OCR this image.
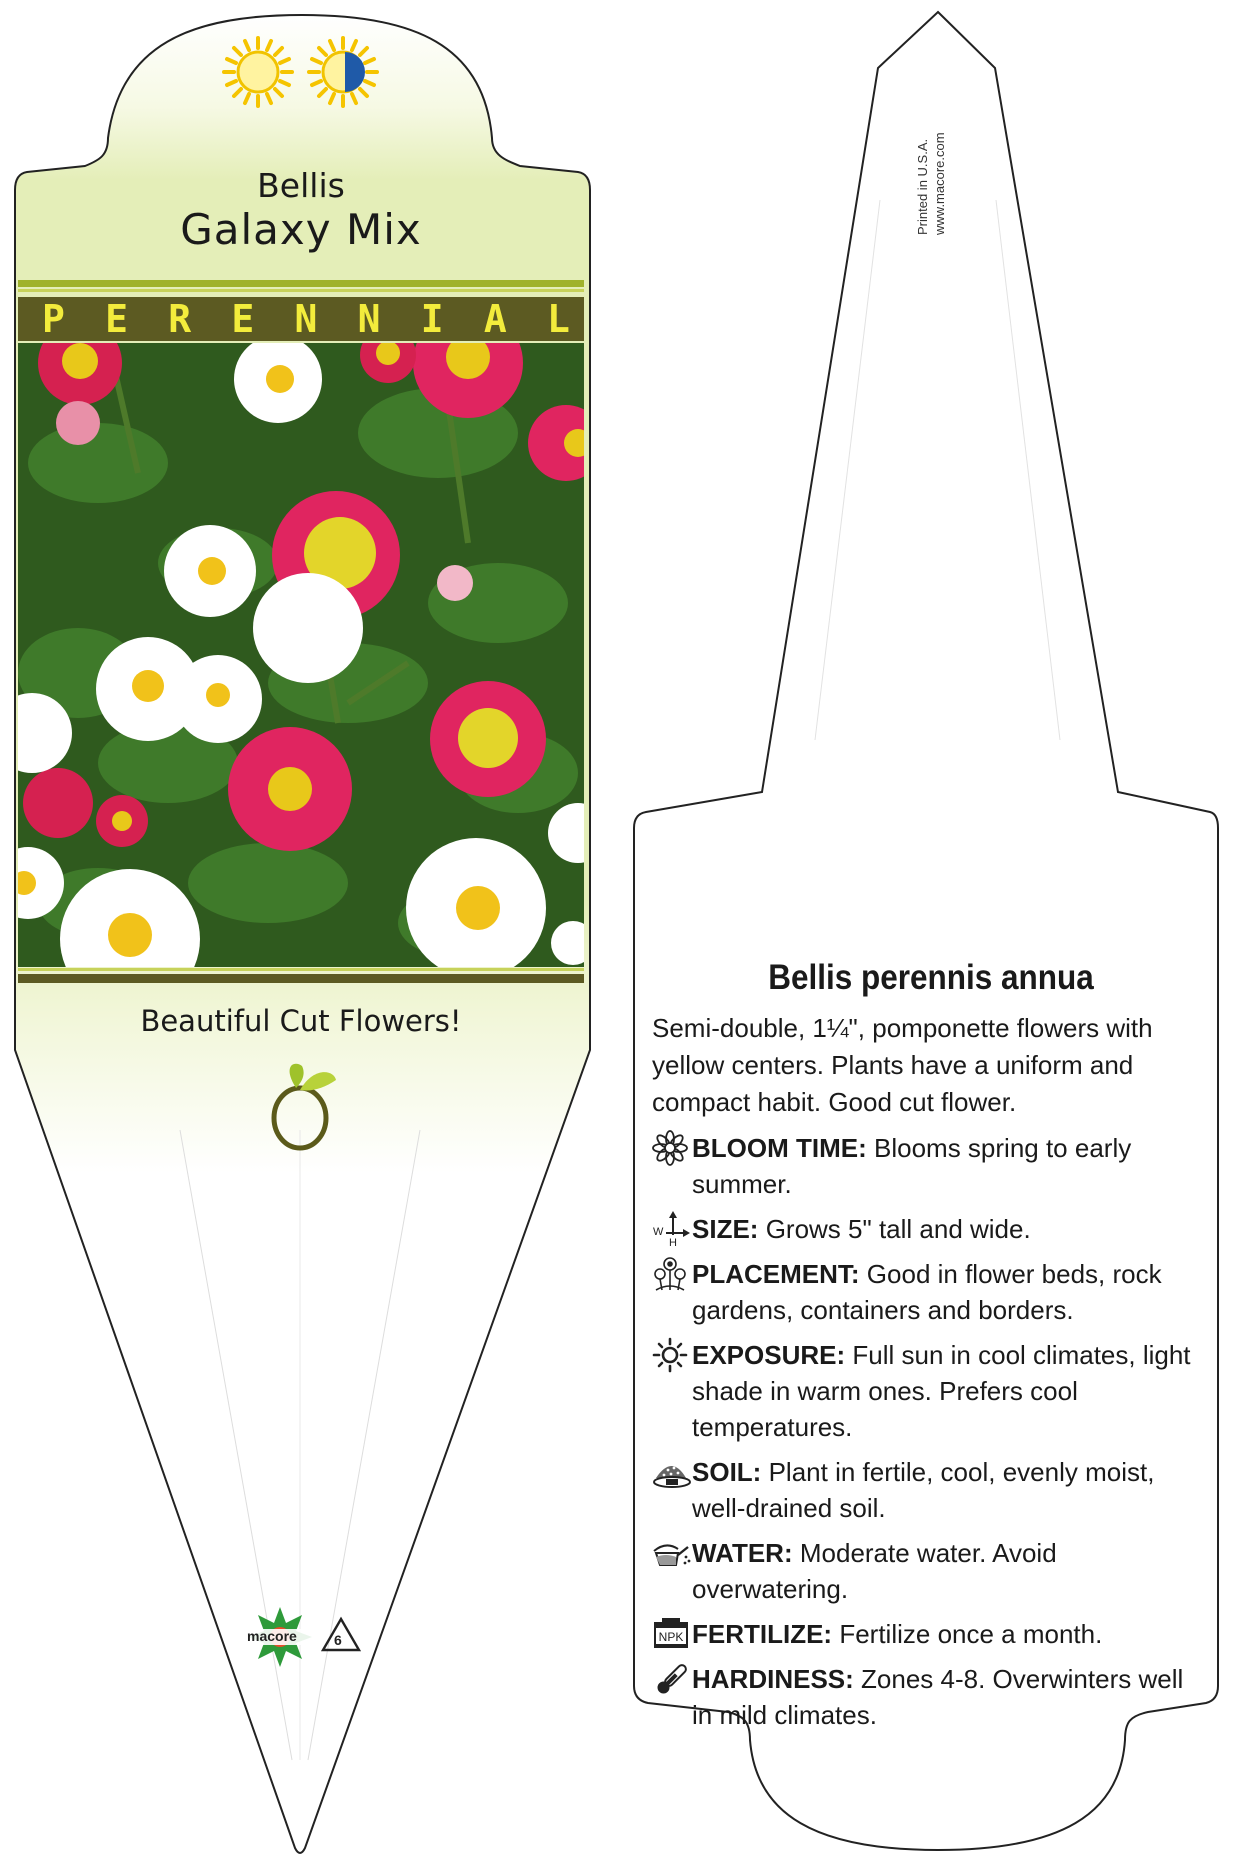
Bellis
Galaxy Mix
P E R E N N I A L
Beautiful Cut Flowers!
macore	6
Printed in U.S.A. www.macore.com
Bellis perennis annua
Semi-double, 1¼", pomponette flowers with yellow centers. Plants have a uniform and compact habit. Good cut flower.
BLOOM TIME: Blooms spring to early summer.
W
H SIZE: Grows 5" tall and wide.
PLACEMENT: Good in flower beds, rock gardens, containers and borders.
EXPOSURE: Full sun in cool climates, light shade in warm ones. Prefers cool temperatures.
SOIL: Plant in fertile, cool, evenly moist, well-drained soil.
WATER: Moderate water. Avoid overwatering.
NPK FERTILIZE: Fertilize once a month.
HARDINESS: Zones 4-8. Overwinters well in mild climates.
